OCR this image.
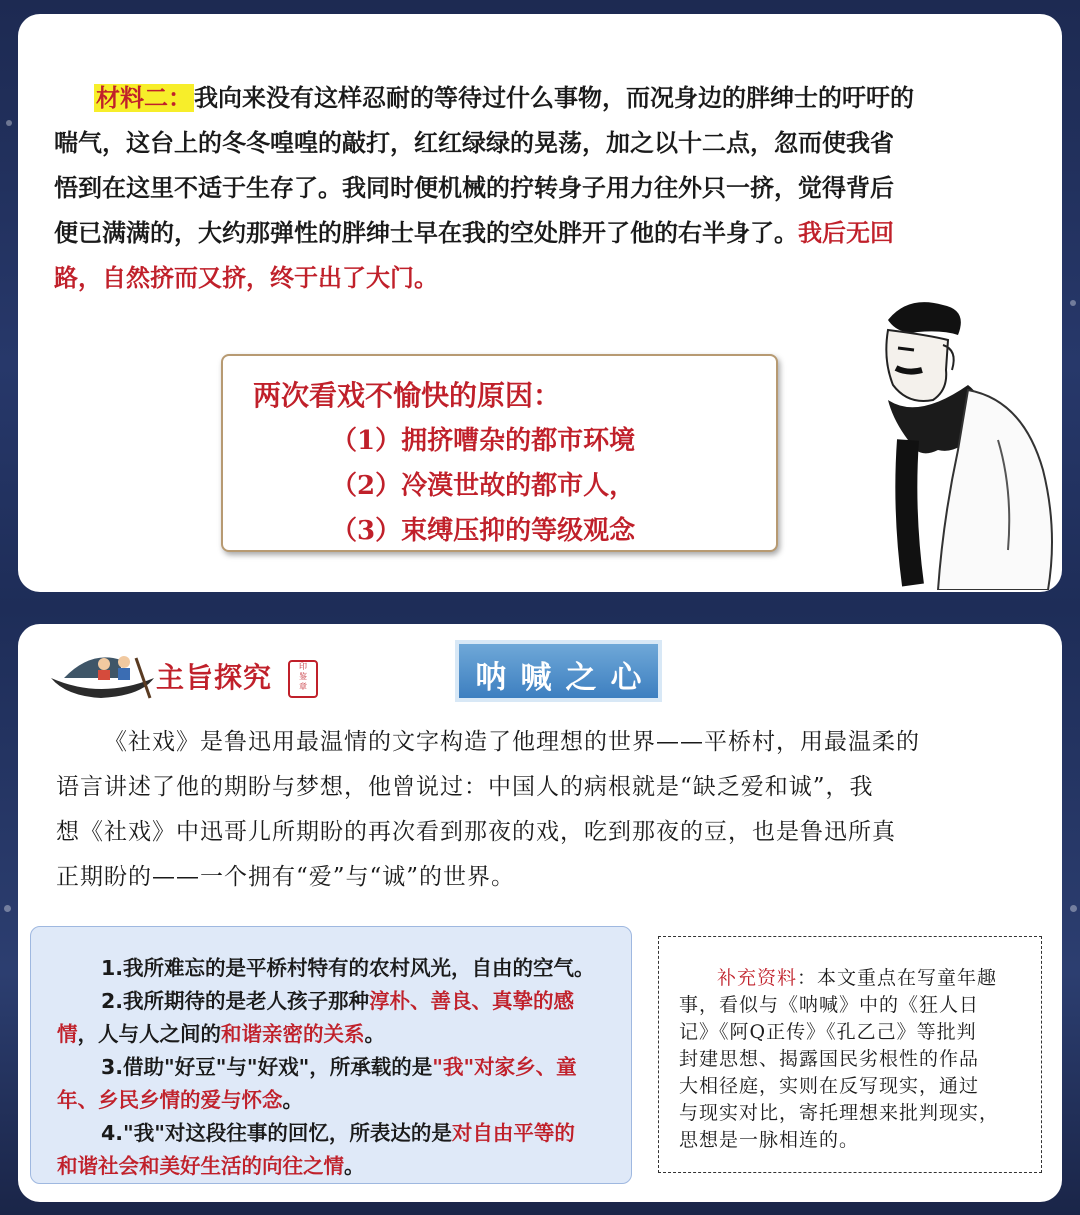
材料二：我向来没有这样忍耐的等待过什么事物，而况身边的胖绅士的吁吁的
喘气，这台上的冬冬喤喤的敲打，红红绿绿的晃荡，加之以十二点，忽而使我省
悟到在这里不适于生存了。我同时便机械的拧转身子用力往外只一挤，觉得背后
便已满满的，大约那弹性的胖绅士早在我的空处胖开了他的右半身了。我后无回
路，自然挤而又挤，终于出了大门。
两次看戏不愉快的原因：
（1）拥挤嘈杂的都市环境
（2）冷漠世故的都市人，
（3）束缚压抑的等级观念
主旨探究	印
鉴
章	呐喊之心
《社戏》是鲁迅用最温情的文字构造了他理想的世界——平桥村，用最温柔的
语言讲述了他的期盼与梦想，他曾说过：中国人的病根就是“缺乏爱和诚”，我
想《社戏》中迅哥儿所期盼的再次看到那夜的戏，吃到那夜的豆，也是鲁迅所真
正期盼的——一个拥有“爱”与“诚”的世界。
1.我所难忘的是平桥村特有的农村风光，自由的空气。
2.我所期待的是老人孩子那种淳朴、善良、真挚的感
情，人与人之间的和谐亲密的关系。
3.借助"好豆"与"好戏"，所承载的是"我"对家乡、童
年、乡民乡情的爱与怀念。
4."我"对这段往事的回忆，所表达的是对自由平等的
和谐社会和美好生活的向往之情。
补充资料：本文重点在写童年趣
事，看似与《呐喊》中的《狂人日
记》《阿Q正传》《孔乙己》等批判
封建思想、揭露国民劣根性的作品
大相径庭，实则在反写现实，通过
与现实对比，寄托理想来批判现实，
思想是一脉相连的。
